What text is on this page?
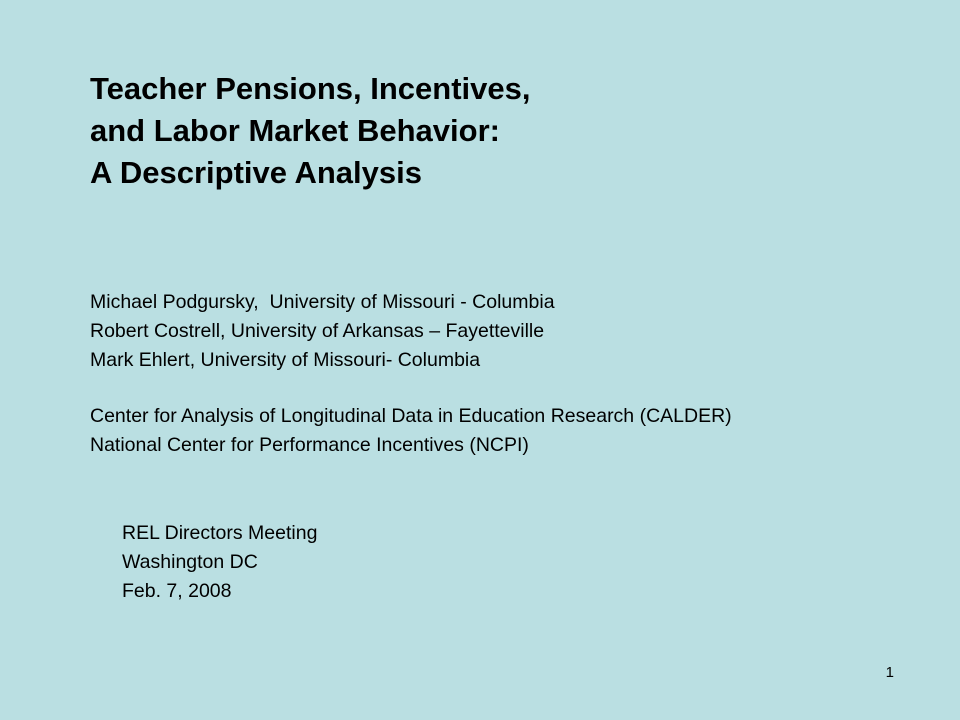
Teacher Pensions, Incentives,
and Labor Market Behavior:
A Descriptive Analysis
Michael Podgursky,  University of Missouri - Columbia
Robert Costrell, University of Arkansas – Fayetteville
Mark Ehlert, University of Missouri- Columbia
Center for Analysis of Longitudinal Data in Education Research (CALDER)
National Center for Performance Incentives (NCPI)
REL Directors Meeting
Washington DC
Feb. 7, 2008
1
